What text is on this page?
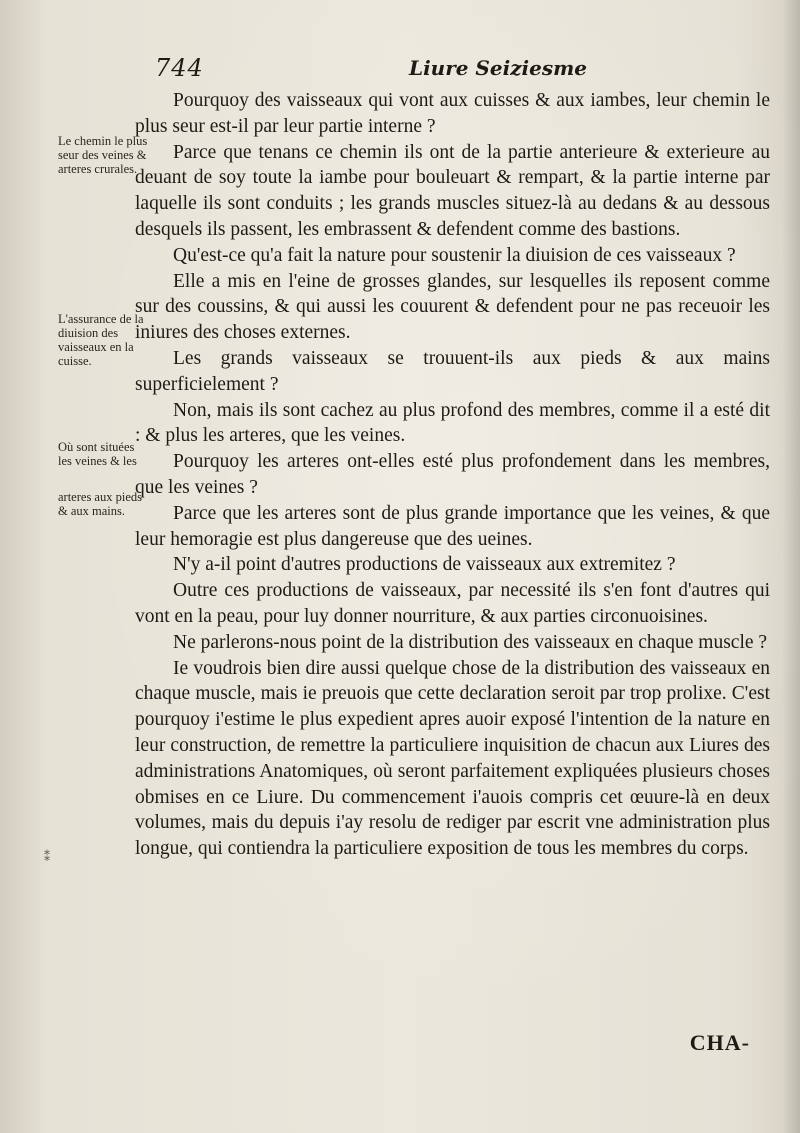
744	Liure Seiziesme
Le chemin le plus seur des veines & arteres crurales.
L'assurance de la diuision des vaisseaux en la cuisse.
Où sont situées les veines & les
arteres aux pieds & aux mains.

Pourquoy des vaisseaux qui vont aux cuisses & aux iambes, leur chemin le plus seur est-il par leur partie interne ?

Parce que tenans ce chemin ils ont de la partie anterieure & exterieure au deuant de soy toute la iambe pour bouleuart & rempart, & la partie interne par laquelle ils sont conduits ; les grands muscles situez-là au dedans & au dessous desquels ils passent, les embrassent & defendent comme des bastions.

Qu'est-ce qu'a fait la nature pour soustenir la diuision de ces vaisseaux ?

Elle a mis en l'eine de grosses glandes, sur lesquelles ils reposent comme sur des coussins, & qui aussi les couurent & defendent pour ne pas receuoir les iniures des choses externes.

Les grands vaisseaux se trouuent-ils aux pieds & aux mains superficielement ?

Non, mais ils sont cachez au plus profond des membres, comme il a esté dit : & plus les arteres, que les veines.

Pourquoy les arteres ont-elles esté plus profondement dans les membres, que les veines ?

Parce que les arteres sont de plus grande importance que les veines, & que leur hemoragie est plus dangereuse que des ueines.

N'y a-il point d'autres productions de vaisseaux aux extremitez ?

Outre ces productions de vaisseaux, par necessité ils s'en font d'autres qui vont en la peau, pour luy donner nourriture, & aux parties circonuoisines.

Ne parlerons-nous point de la distribution des vaisseaux en chaque muscle ?

Ie voudrois bien dire aussi quelque chose de la distribution des vaisseaux en chaque muscle, mais ie preuois que cette declaration seroit par trop prolixe. C'est pourquoy i'estime le plus expedient apres auoir exposé l'intention de la nature en leur construction, de remettre la particuliere inquisition de chacun aux Liures des administrations Anatomiques, où seront parfaitement expliquées plusieurs choses obmises en ce Liure. Du commencement i'auois compris cet œuure-là en deux volumes, mais du depuis i'ay resolu de rediger par escrit vne administration plus longue, qui contiendra la particuliere exposition de tous les membres du corps.

⁑
CHA-
